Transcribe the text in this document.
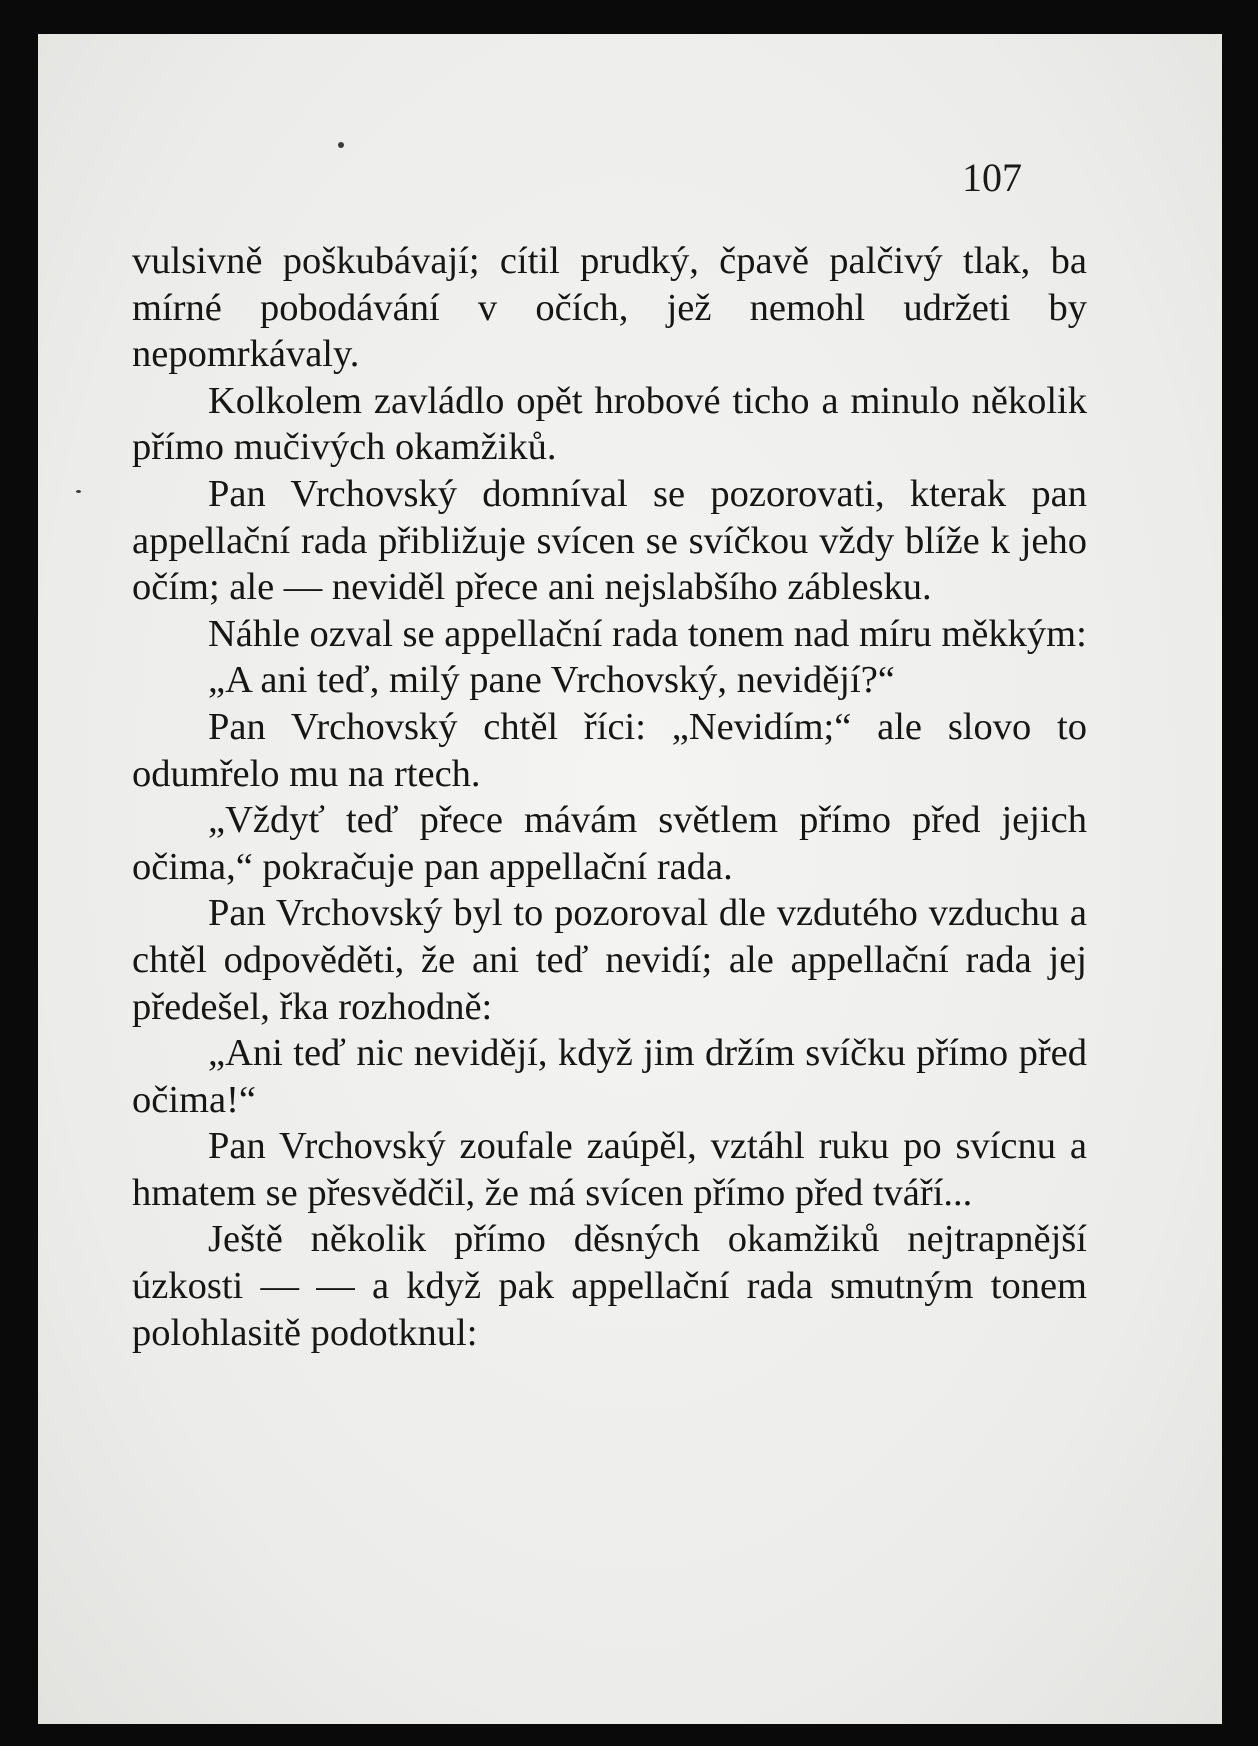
107

vulsivně poškubávají; cítil prudký, čpavě palčivý tlak, ba mírné pobodávání v očích, jež nemohl udržeti by nepomrkávaly.

Kolkolem zavládlo opět hrobové ticho a minulo několik přímo mučivých okamžiků.

Pan Vrchovský domníval se pozorovati, kterak pan appellační rada přibližuje svícen se svíčkou vždy blíže k jeho očím; ale — neviděl přece ani nejslabšího záblesku.

Náhle ozval se appellační rada tonem nad míru měkkým:

„A ani teď, milý pane Vrchovský, nevidějí?“

Pan Vrchovský chtěl říci: „Nevidím;“ ale slovo to odumřelo mu na rtech.

„Vždyť teď přece mávám světlem přímo před jejich očima,“ pokračuje pan appellační rada.

Pan Vrchovský byl to pozoroval dle vzdutého vzduchu a chtěl odpověděti, že ani teď nevidí; ale appellační rada jej předešel, řka rozhodně:

„Ani teď nic nevidějí, když jim držím svíčku přímo před očima!“

Pan Vrchovský zoufale zaúpěl, vztáhl ruku po svícnu a hmatem se přesvědčil, že má svícen přímo před tváří...

Ještě několik přímo děsných okamžiků nejtrapnější úzkosti — — a když pak appellační rada smutným tonem polohlasitě podotknul:
